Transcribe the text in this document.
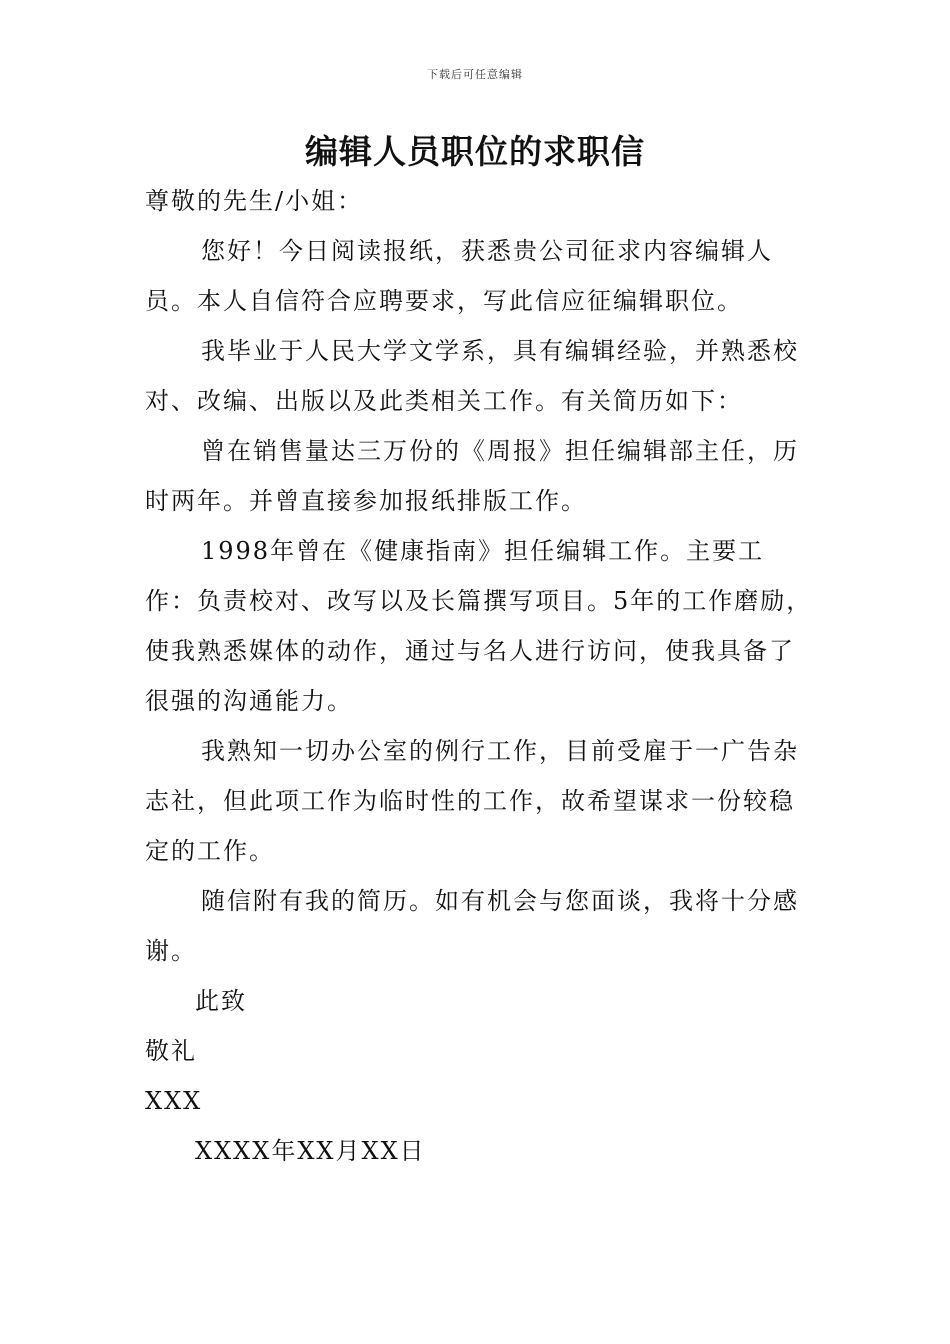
下载后可任意编辑
编辑人员职位的求职信

尊敬的先生/小姐：

您好！今日阅读报纸，获悉贵公司征求内容编辑人员。本人自信符合应聘要求，写此信应征编辑职位。

我毕业于人民大学文学系，具有编辑经验，并熟悉校对、改编、出版以及此类相关工作。有关简历如下：

曾在销售量达三万份的《周报》担任编辑部主任，历时两年。并曾直接参加报纸排版工作。

1998年曾在《健康指南》担任编辑工作。主要工作：负责校对、改写以及长篇撰写项目。5年的工作磨励，使我熟悉媒体的动作，通过与名人进行访问，使我具备了很强的沟通能力。

我熟知一切办公室的例行工作，目前受雇于一广告杂志社，但此项工作为临时性的工作，故希望谋求一份较稳定的工作。

随信附有我的简历。如有机会与您面谈，我将十分感谢。

此致

敬礼

XXX

XXXX年XX月XX日
